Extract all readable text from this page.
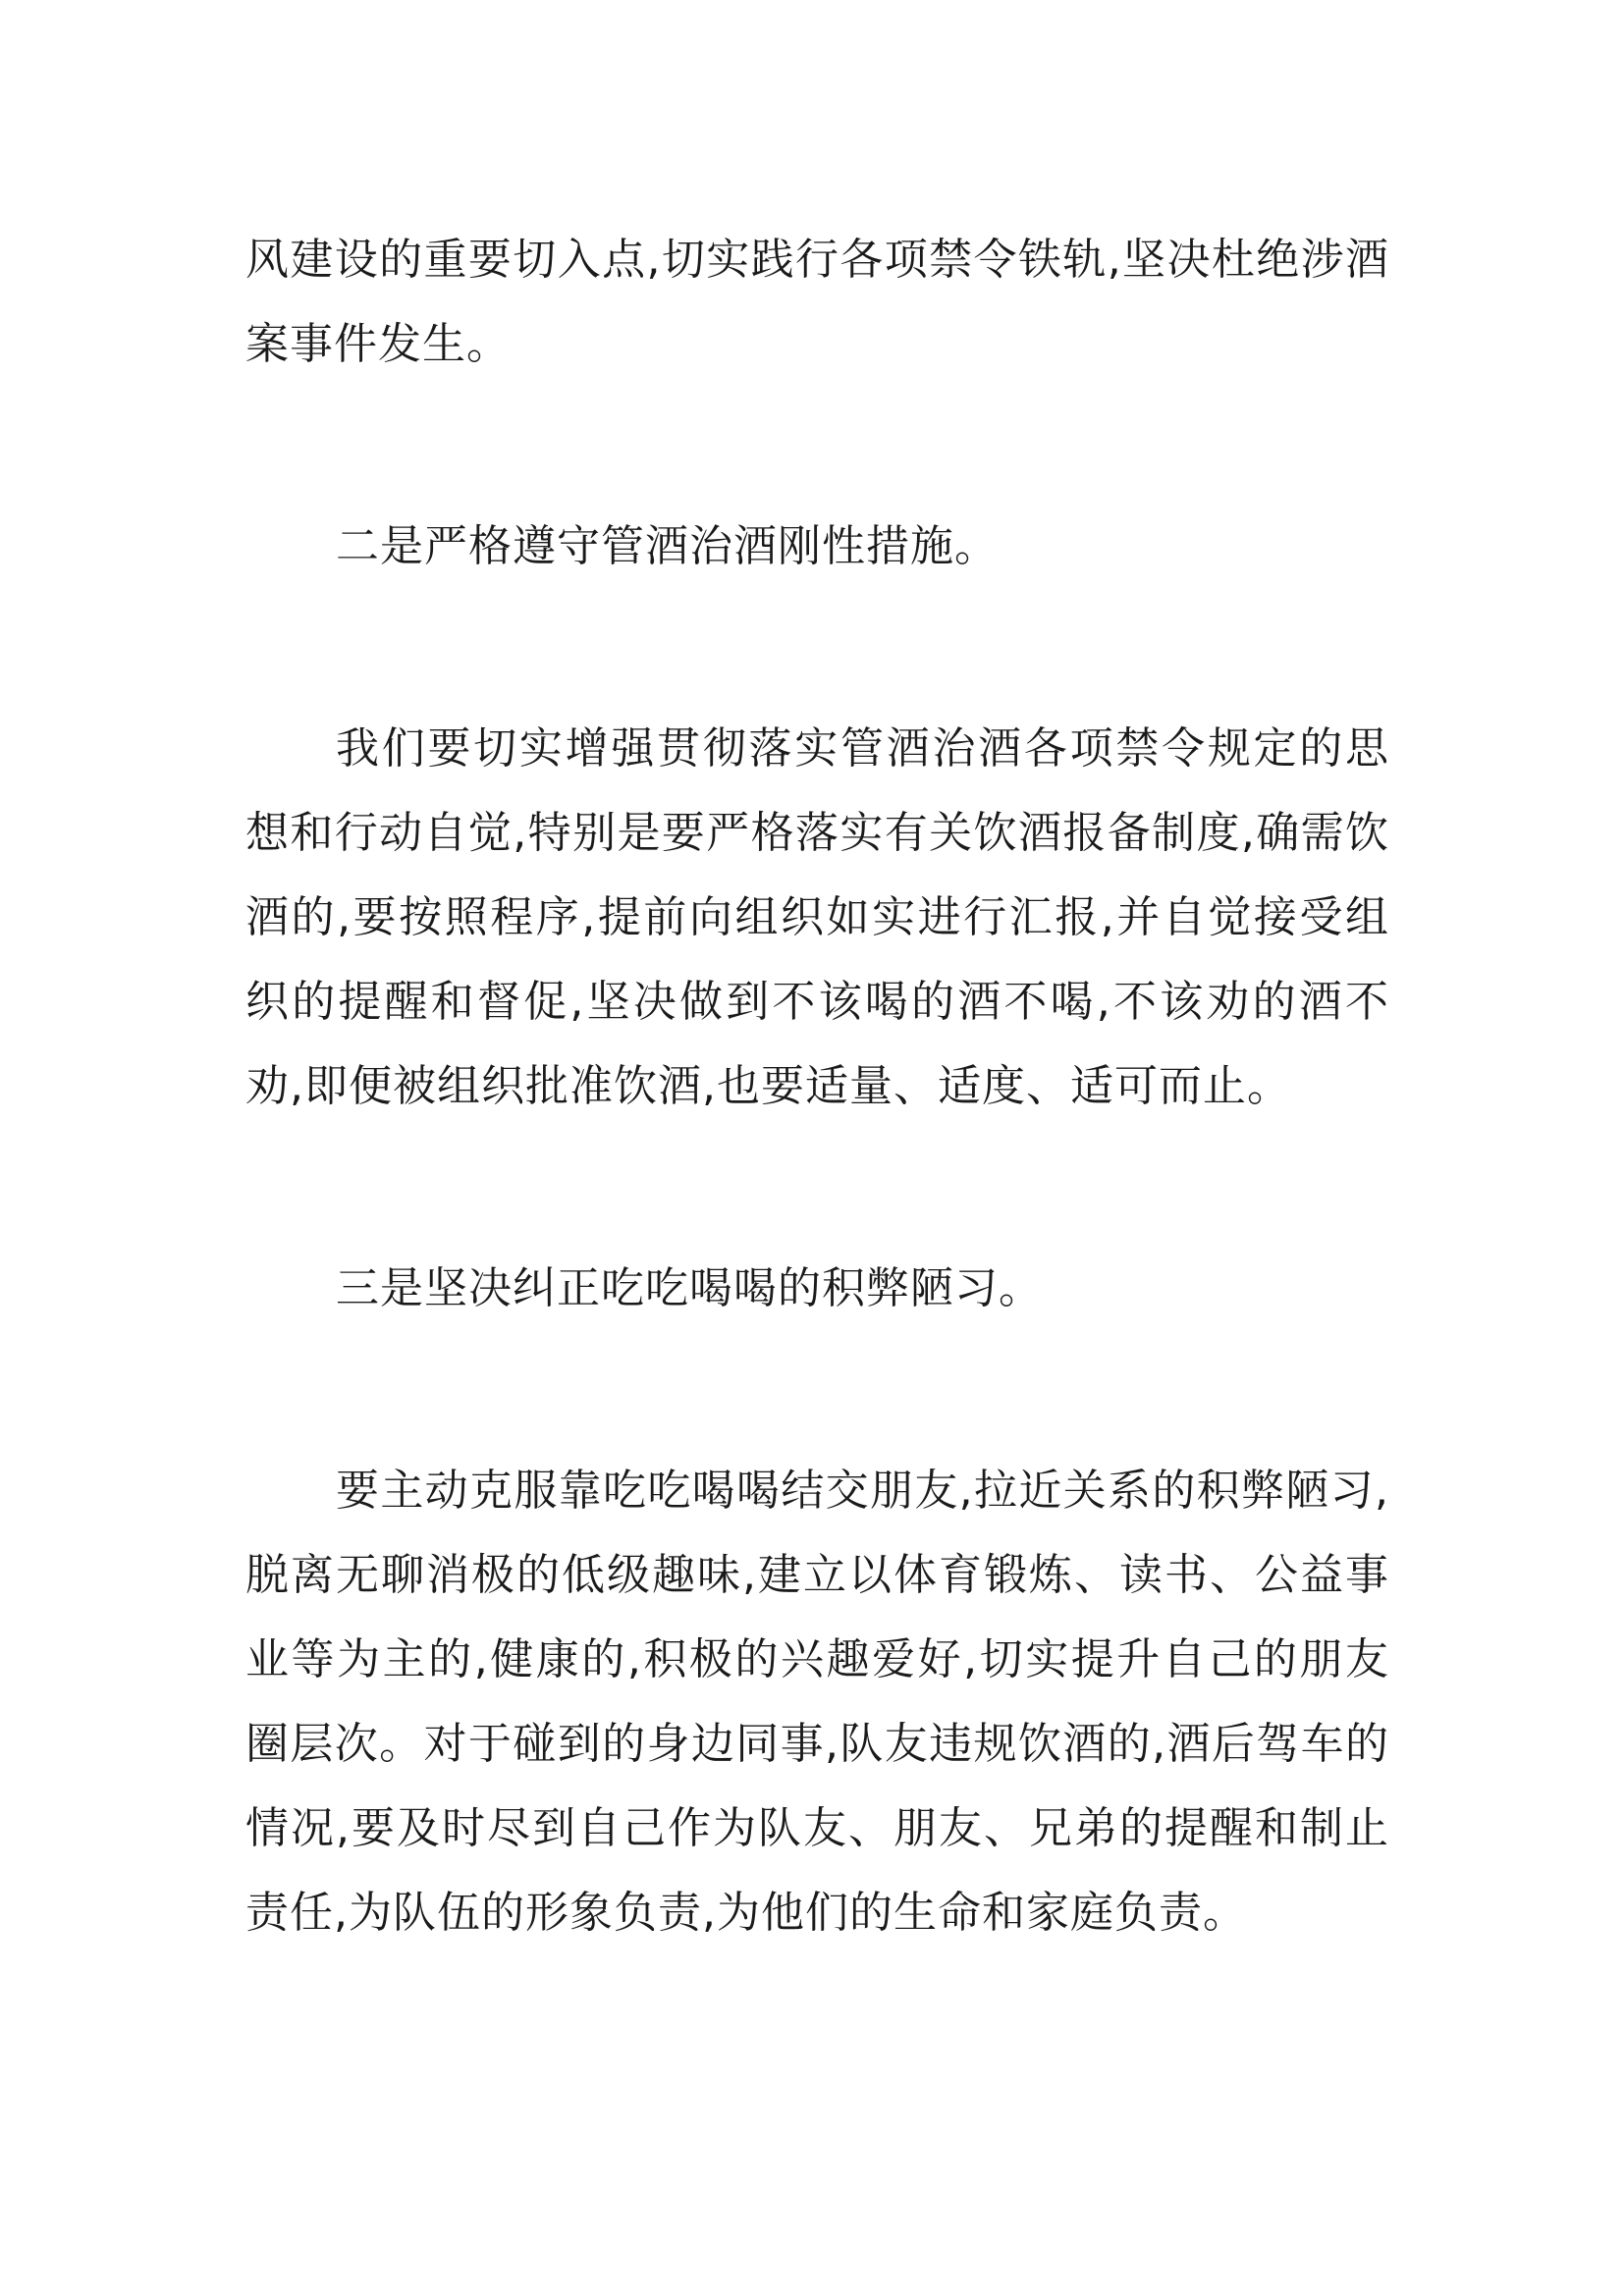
风建设的重要切入点,切实践行各项禁令铁轨,坚决杜绝涉酒案事件发生。

二是严格遵守管酒治酒刚性措施。

我们要切实增强贯彻落实管酒治酒各项禁令规定的思想和行动自觉,特别是要严格落实有关饮酒报备制度,确需饮酒的,要按照程序,提前向组织如实进行汇报,并自觉接受组织的提醒和督促,坚决做到不该喝的酒不喝,不该劝的酒不劝,即便被组织批准饮酒,也要适量、适度、适可而止。

三是坚决纠正吃吃喝喝的积弊陋习。

要主动克服靠吃吃喝喝结交朋友,拉近关系的积弊陋习,脱离无聊消极的低级趣味,建立以体育锻炼、读书、公益事业等为主的,健康的,积极的兴趣爱好,切实提升自己的朋友圈层次。对于碰到的身边同事,队友违规饮酒的,酒后驾车的情况,要及时尽到自己作为队友、朋友、兄弟的提醒和制止责任,为队伍的形象负责,为他们的生命和家庭负责。
